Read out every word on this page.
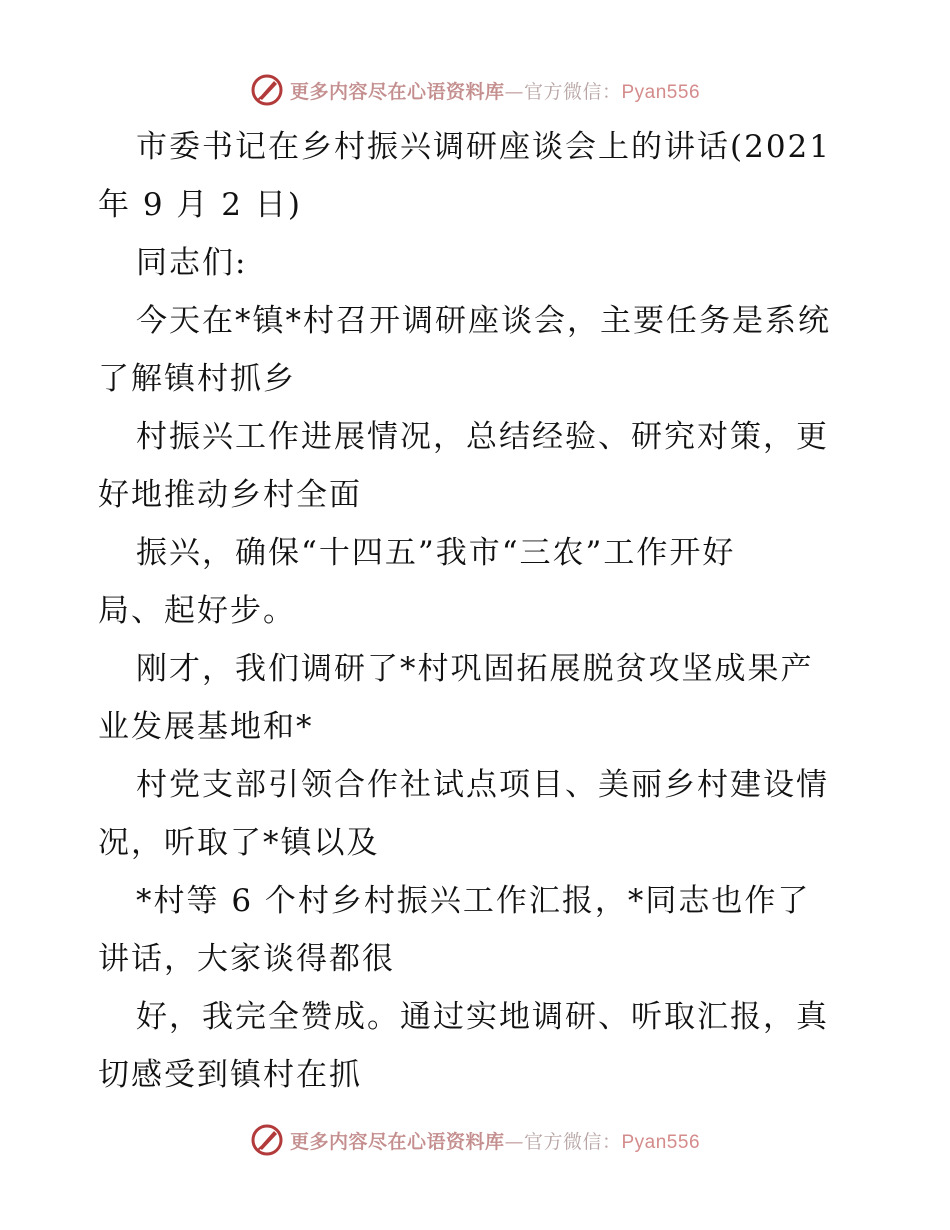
更多内容尽在心语资料库—官方微信：Pyan556
市委书记在乡村振兴调研座谈会上的讲话(2021
年 9 月 2 日)
同志们:
今天在*镇*村召开调研座谈会，主要任务是系统
了解镇村抓乡
村振兴工作进展情况，总结经验、研究对策，更
好地推动乡村全面
振兴，确保“十四五”我市“三农”工作开好
局、起好步。
刚才，我们调研了*村巩固拓展脱贫攻坚成果产
业发展基地和*
村党支部引领合作社试点项目、美丽乡村建设情
况，听取了*镇以及
*村等 6 个村乡村振兴工作汇报，*同志也作了
讲话，大家谈得都很
好，我完全赞成。通过实地调研、听取汇报，真
切感受到镇村在抓
更多内容尽在心语资料库—官方微信：Pyan556
